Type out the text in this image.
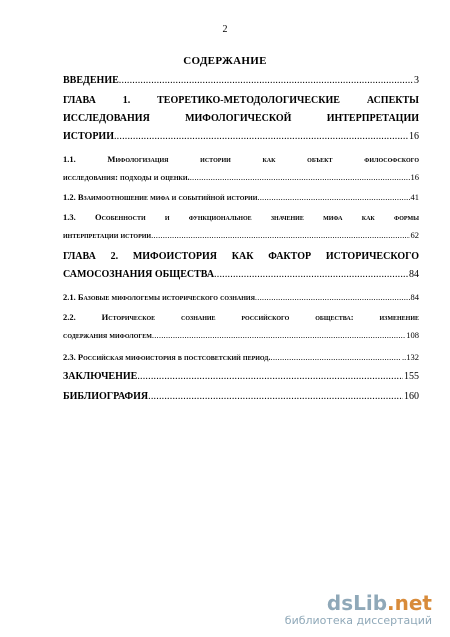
2
СОДЕРЖАНИЕ
ВВЕДЕНИЕ .....	3
ГЛАВА 1. ТЕОРЕТИКО-МЕТОДОЛОГИЧЕСКИЕ АСПЕКТЫ
ИССЛЕДОВАНИЯ МИФОЛОГИЧЕСКОЙ ИНТЕРПРЕТАЦИИ
ИСТОРИИ .....	16
1.1. Мифологизация истории как объект философского
исследования: подходы и оценки. .....	16
1.2. Взаимоотношение мифа и событийной истории .....	41
1.3. Особенности и функциональное значение мифа как формы
интерпретации истории .....	62
ГЛАВА 2. МИФОИСТОРИЯ КАК ФАКТОР ИСТОРИЧЕСКОГО
САМОСОЗНАНИЯ ОБЩЕСТВА .....	84
2.1. Базовые мифологемы исторического сознания .....	84
2.2. Историческое сознание российского общества: изменение
содержания мифологем .....	108
2.3. Российская мифоистория в постсоветский период. .....	..132
ЗАКЛЮЧЕНИЕ .....	155
БИБЛИОГРАФИЯ .....	160
dsLib.net
библиотека диссертаций
